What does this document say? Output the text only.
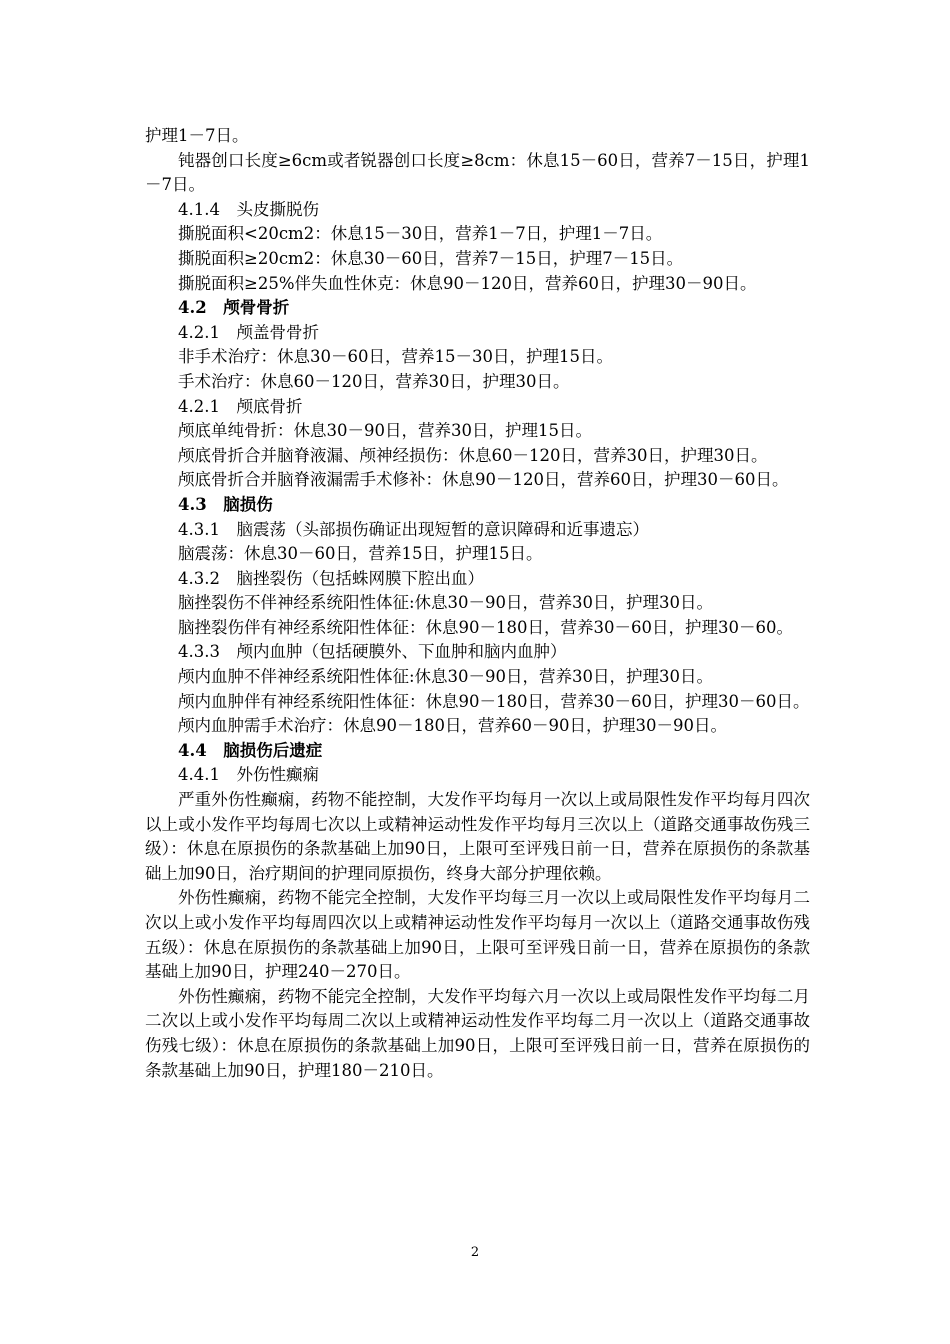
护理1－7日。

钝器创口长度≥6cm或者锐器创口长度≥8cm：休息15－60日，营养7－15日，护理1－7日。

4.1.4　头皮撕脱伤

撕脱面积<20cm2：休息15－30日，营养1－7日，护理1－7日。

撕脱面积≥20cm2：休息30－60日，营养7－15日，护理7－15日。

撕脱面积≥25%伴失血性休克：休息90－120日，营养60日，护理30－90日。

4.2　颅骨骨折

4.2.1　颅盖骨骨折

非手术治疗：休息30－60日，营养15－30日，护理15日。

手术治疗：休息60－120日，营养30日，护理30日。

4.2.1　颅底骨折

颅底单纯骨折：休息30－90日，营养30日，护理15日。

颅底骨折合并脑脊液漏、颅神经损伤：休息60－120日，营养30日，护理30日。

颅底骨折合并脑脊液漏需手术修补：休息90－120日，营养60日，护理30－60日。

4.3　脑损伤

4.3.1　脑震荡（头部损伤确证出现短暂的意识障碍和近事遗忘）

脑震荡：休息30－60日，营养15日，护理15日。

4.3.2　脑挫裂伤（包括蛛网膜下腔出血）

脑挫裂伤不伴神经系统阳性体征:休息30－90日，营养30日，护理30日。

脑挫裂伤伴有神经系统阳性体征：休息90－180日，营养30－60日，护理30－60。

4.3.3　颅内血肿（包括硬膜外、下血肿和脑内血肿）

颅内血肿不伴神经系统阳性体征:休息30－90日，营养30日，护理30日。

颅内血肿伴有神经系统阳性体征：休息90－180日，营养30－60日，护理30－60日。

颅内血肿需手术治疗：休息90－180日，营养60－90日，护理30－90日。

4.4　脑损伤后遗症

4.4.1　外伤性癫痫

严重外伤性癫痫，药物不能控制，大发作平均每月一次以上或局限性发作平均每月四次以上或小发作平均每周七次以上或精神运动性发作平均每月三次以上（道路交通事故伤残三级）：休息在原损伤的条款基础上加90日，上限可至评残日前一日，营养在原损伤的条款基础上加90日，治疗期间的护理同原损伤，终身大部分护理依赖。

外伤性癫痫，药物不能完全控制，大发作平均每三月一次以上或局限性发作平均每月二次以上或小发作平均每周四次以上或精神运动性发作平均每月一次以上（道路交通事故伤残五级）：休息在原损伤的条款基础上加90日，上限可至评残日前一日，营养在原损伤的条款基础上加90日，护理240－270日。

外伤性癫痫，药物不能完全控制，大发作平均每六月一次以上或局限性发作平均每二月二次以上或小发作平均每周二次以上或精神运动性发作平均每二月一次以上（道路交通事故伤残七级）：休息在原损伤的条款基础上加90日，上限可至评残日前一日，营养在原损伤的条款基础上加90日，护理180－210日。

2
